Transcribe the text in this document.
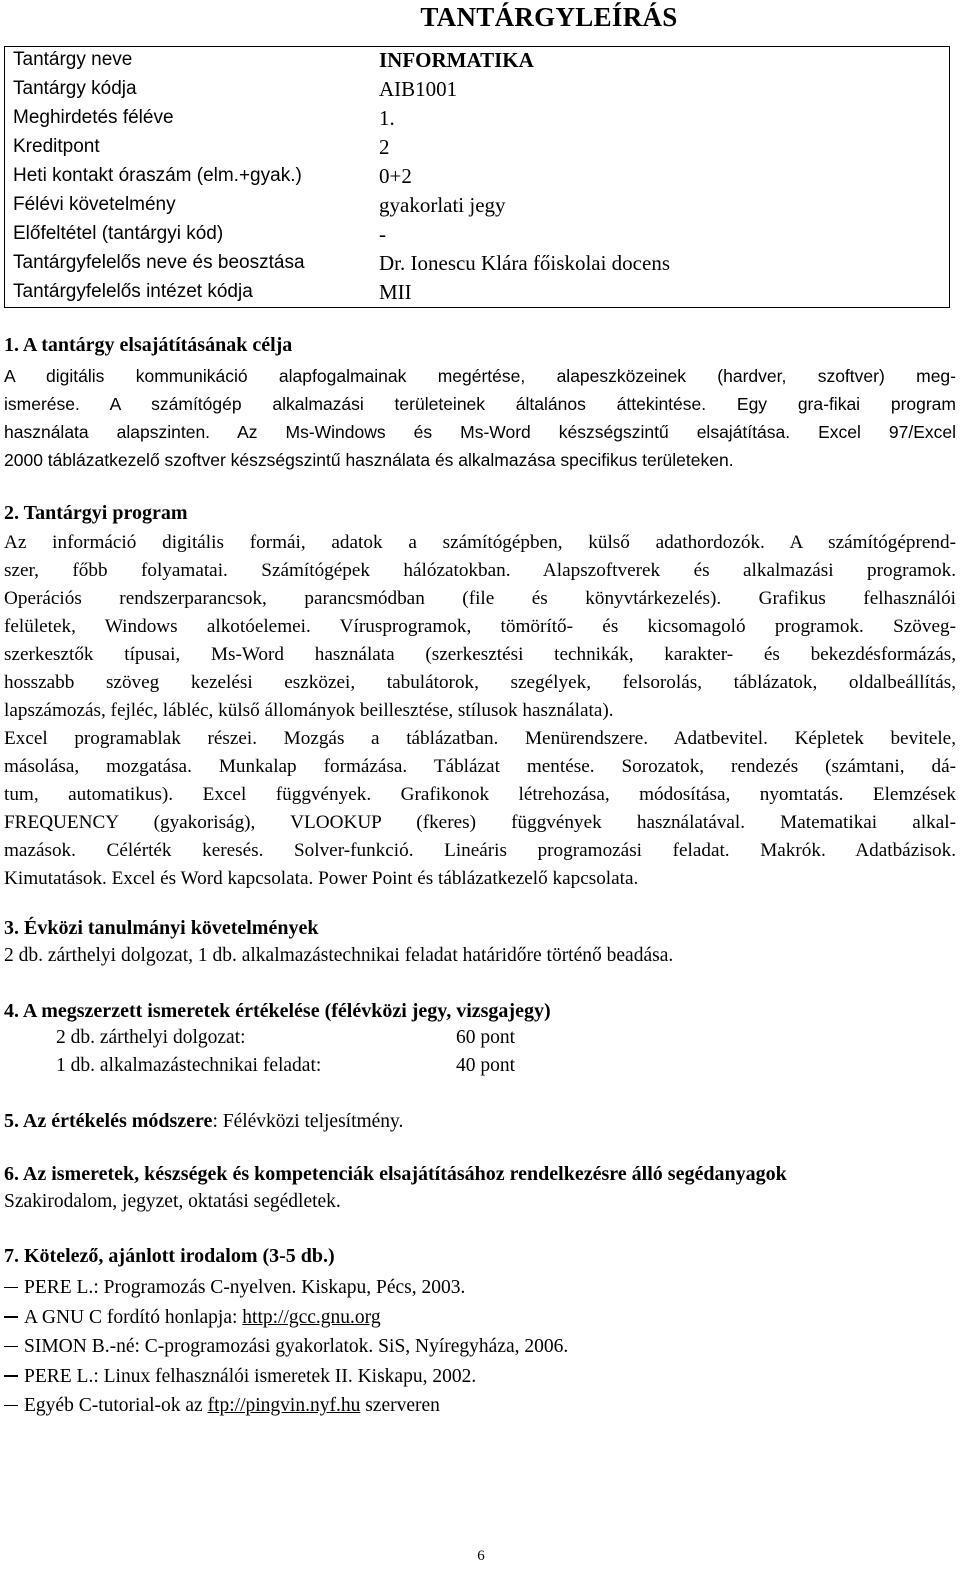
TANTÁRGYLEÍRÁS
Tantárgy neve	INFORMATIKA
Tantárgy kódja	AIB1001
Meghirdetés féléve	1.
Kreditpont	2
Heti kontakt óraszám (elm.+gyak.)	0+2
Félévi követelmény	gyakorlati jegy
Előfeltétel (tantárgyi kód)	-
Tantárgyfelelős neve és beosztása	Dr. Ionescu Klára főiskolai docens
Tantárgyfelelős intézet kódja	MII
1. A tantárgy elsajátításának célja
A digitális kommunikáció alapfogalmainak megértése, alapeszközeinek (hardver, szoftver) meg-
ismerése. A számítógép alkalmazási területeinek általános áttekintése. Egy gra-fikai program
használata alapszinten. Az Ms-Windows és Ms-Word készségszintű elsajátítása. Excel 97/Excel
2000 táblázatkezelő szoftver készségszintű használata és alkalmazása specifikus területeken.
2. Tantárgyi program
Az információ digitális formái, adatok a számítógépben, külső adathordozók. A számítógéprend-
szer, főbb folyamatai. Számítógépek hálózatokban. Alapszoftverek és alkalmazási programok.
Operációs rendszerparancsok, parancsmódban (file és könyvtárkezelés). Grafikus felhasználói
felületek, Windows alkotóelemei. Vírusprogramok, tömörítő- és kicsomagoló programok. Szöveg-
szerkesztők típusai, Ms-Word használata (szerkesztési technikák, karakter- és bekezdésformázás,
hosszabb szöveg kezelési eszközei, tabulátorok, szegélyek, felsorolás, táblázatok, oldalbeállítás,
lapszámozás, fejléc, lábléc, külső állományok beillesztése, stílusok használata).
Excel programablak részei. Mozgás a táblázatban. Menürendszere. Adatbevitel. Képletek bevitele,
másolása, mozgatása. Munkalap formázása. Táblázat mentése. Sorozatok, rendezés (számtani, dá-
tum, automatikus). Excel függvények. Grafikonok létrehozása, módosítása, nyomtatás. Elemzések
FREQUENCY (gyakoriság), VLOOKUP (fkeres) függvények használatával. Matematikai alkal-
mazások. Célérték keresés. Solver-funkció. Lineáris programozási feladat. Makrók. Adatbázisok.
Kimutatások. Excel és Word kapcsolata. Power Point és táblázatkezelő kapcsolata.
3. Évközi tanulmányi követelmények
2 db. zárthelyi dolgozat, 1 db. alkalmazástechnikai feladat határidőre történő beadása.
4. A megszerzett ismeretek értékelése (félévközi jegy, vizsgajegy)
2 db. zárthelyi dolgozat:	60 pont
1 db. alkalmazástechnikai feladat:	40 pont
5. Az értékelés módszere: Félévközi teljesítmény.
6. Az ismeretek, készségek és kompetenciák elsajátításához rendelkezésre álló segédanyagok
Szakirodalom, jegyzet, oktatási segédletek.
7. Kötelező, ajánlott irodalom (3-5 db.)
PERE L.: Programozás C-nyelven. Kiskapu, Pécs, 2003.
A GNU C fordító honlapja: http://gcc.gnu.org
SIMON B.-né: C-programozási gyakorlatok. SiS, Nyíregyháza, 2006.
PERE L.: Linux felhasználói ismeretek II. Kiskapu, 2002.
Egyéb C-tutorial-ok az ftp://pingvin.nyf.hu szerveren
6
